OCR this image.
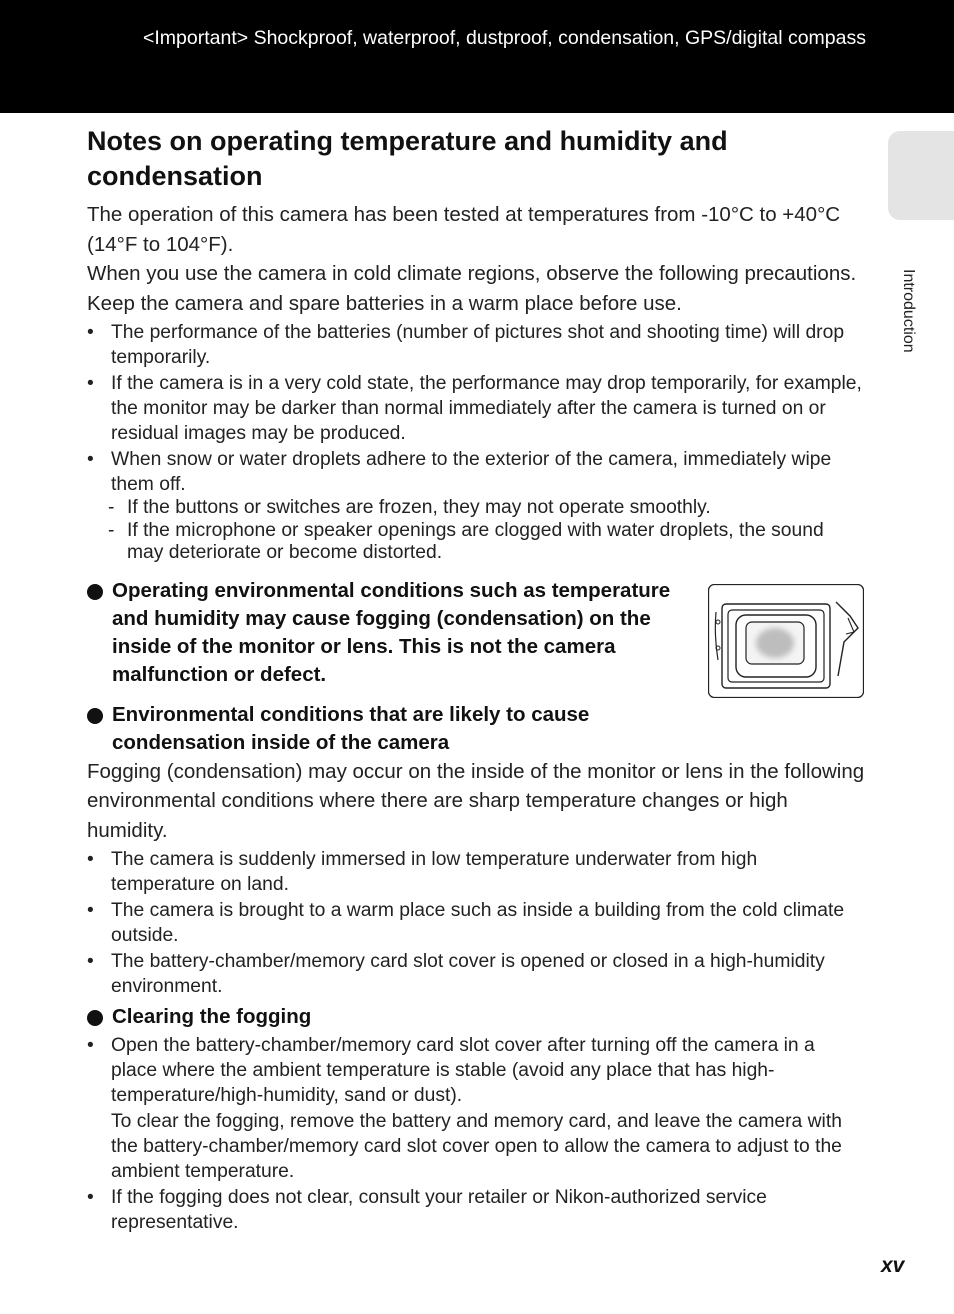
<Important> Shockproof, waterproof, dustproof, condensation, GPS/digital compass
Introduction
Notes on operating temperature and humidity and condensation

The operation of this camera has been tested at temperatures from -10°C to +40°C (14°F to 104°F).

When you use the camera in cold climate regions, observe the following precautions. Keep the camera and spare batteries in a warm place before use.

• The performance of the batteries (number of pictures shot and shooting time) will drop temporarily.
• If the camera is in a very cold state, the performance may drop temporarily, for example, the monitor may be darker than normal immediately after the camera is turned on or residual images may be produced.
• When snow or water droplets adhere to the exterior of the camera, immediately wipe them off.
- If the buttons or switches are frozen, they may not operate smoothly.
- If the microphone or speaker openings are clogged with water droplets, the sound may deteriorate or become distorted.
Operating environmental conditions such as temperature and humidity may cause fogging (condensation) on the inside of the monitor or lens. This is not the camera malfunction or defect.
Environmental conditions that are likely to cause condensation inside of the camera

Fogging (condensation) may occur on the inside of the monitor or lens in the following environmental conditions where there are sharp temperature changes or high humidity.

• The camera is suddenly immersed in low temperature underwater from high temperature on land.
• The camera is brought to a warm place such as inside a building from the cold climate outside.
• The battery-chamber/memory card slot cover is opened or closed in a high-humidity environment.
Clearing the fogging
• Open the battery-chamber/memory card slot cover after turning off the camera in a place where the ambient temperature is stable (avoid any place that has high-temperature/high-humidity, sand or dust).
To clear the fogging, remove the battery and memory card, and leave the camera with the battery-chamber/memory card slot cover open to allow the camera to adjust to the ambient temperature.
• If the fogging does not clear, consult your retailer or Nikon-authorized service representative.
xv
